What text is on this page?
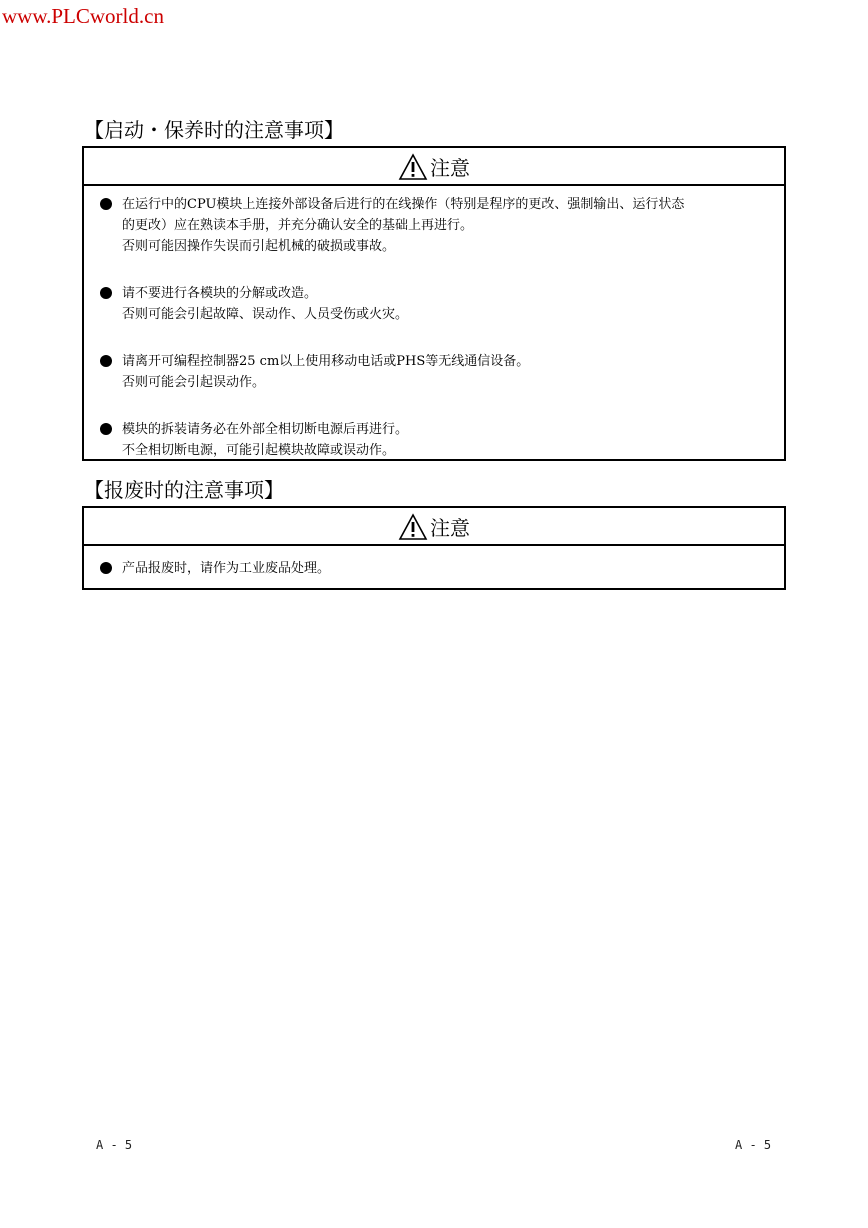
www.PLCworld.cn
【启动・保养时的注意事项】
注意
在运行中的CPU模块上连接外部设备后进行的在线操作（特别是程序的更改、强制输出、运行状态
的更改）应在熟读本手册，并充分确认安全的基础上再进行。
否则可能因操作失误而引起机械的破损或事故。
请不要进行各模块的分解或改造。
否则可能会引起故障、误动作、人员受伤或火灾。
请离开可编程控制器25 cm以上使用移动电话或PHS等无线通信设备。
否则可能会引起误动作。
模块的拆装请务必在外部全相切断电源后再进行。
不全相切断电源，可能引起模块故障或误动作。
【报废时的注意事项】
注意
产品报废时，请作为工业废品处理。
A - 5	A - 5
